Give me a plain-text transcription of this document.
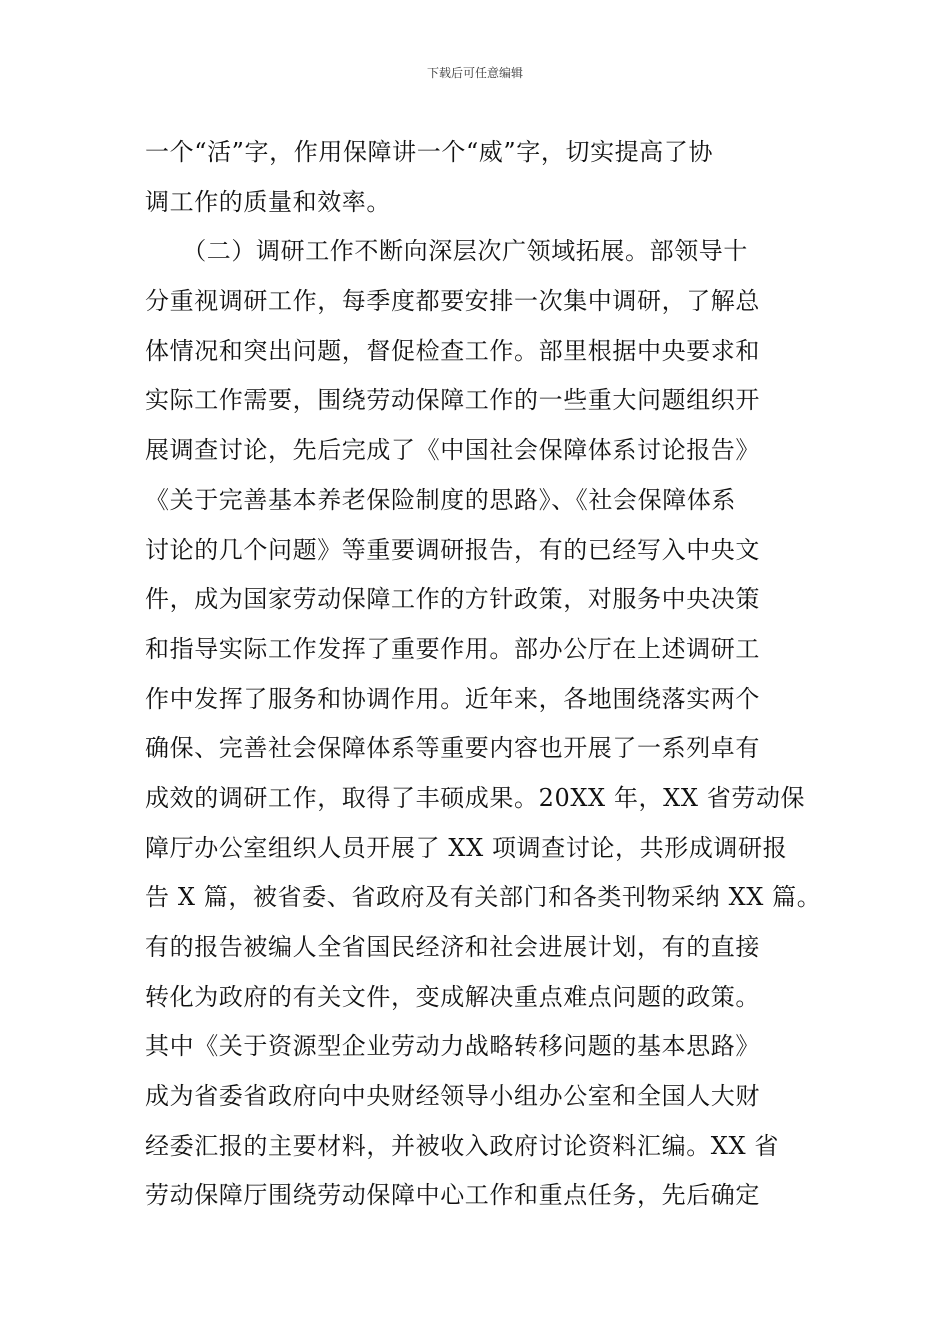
下载后可任意编辑
一个“活”字，作用保障讲一个“威”字，切实提高了协
调工作的质量和效率。
　　（二）调研工作不断向深层次广领域拓展。部领导十
分重视调研工作，每季度都要安排一次集中调研，了解总
体情况和突出问题，督促检查工作。部里根据中央要求和
实际工作需要，围绕劳动保障工作的一些重大问题组织开
展调查讨论，先后完成了《中国社会保障体系讨论报告》
《关于完善基本养老保险制度的思路》、《社会保障体系
讨论的几个问题》等重要调研报告，有的已经写入中央文
件，成为国家劳动保障工作的方针政策，对服务中央决策
和指导实际工作发挥了重要作用。部办公厅在上述调研工
作中发挥了服务和协调作用。近年来，各地围绕落实两个
确保、完善社会保障体系等重要内容也开展了一系列卓有
成效的调研工作，取得了丰硕成果。20XX 年，XX 省劳动保
障厅办公室组织人员开展了 XX 项调查讨论，共形成调研报
告 X 篇，被省委、省政府及有关部门和各类刊物采纳 XX 篇。
有的报告被编人全省国民经济和社会进展计划，有的直接
转化为政府的有关文件，变成解决重点难点问题的政策。
其中《关于资源型企业劳动力战略转移问题的基本思路》
成为省委省政府向中央财经领导小组办公室和全国人大财
经委汇报的主要材料，并被收入政府讨论资料汇编。XX 省
劳动保障厅围绕劳动保障中心工作和重点任务，先后确定
